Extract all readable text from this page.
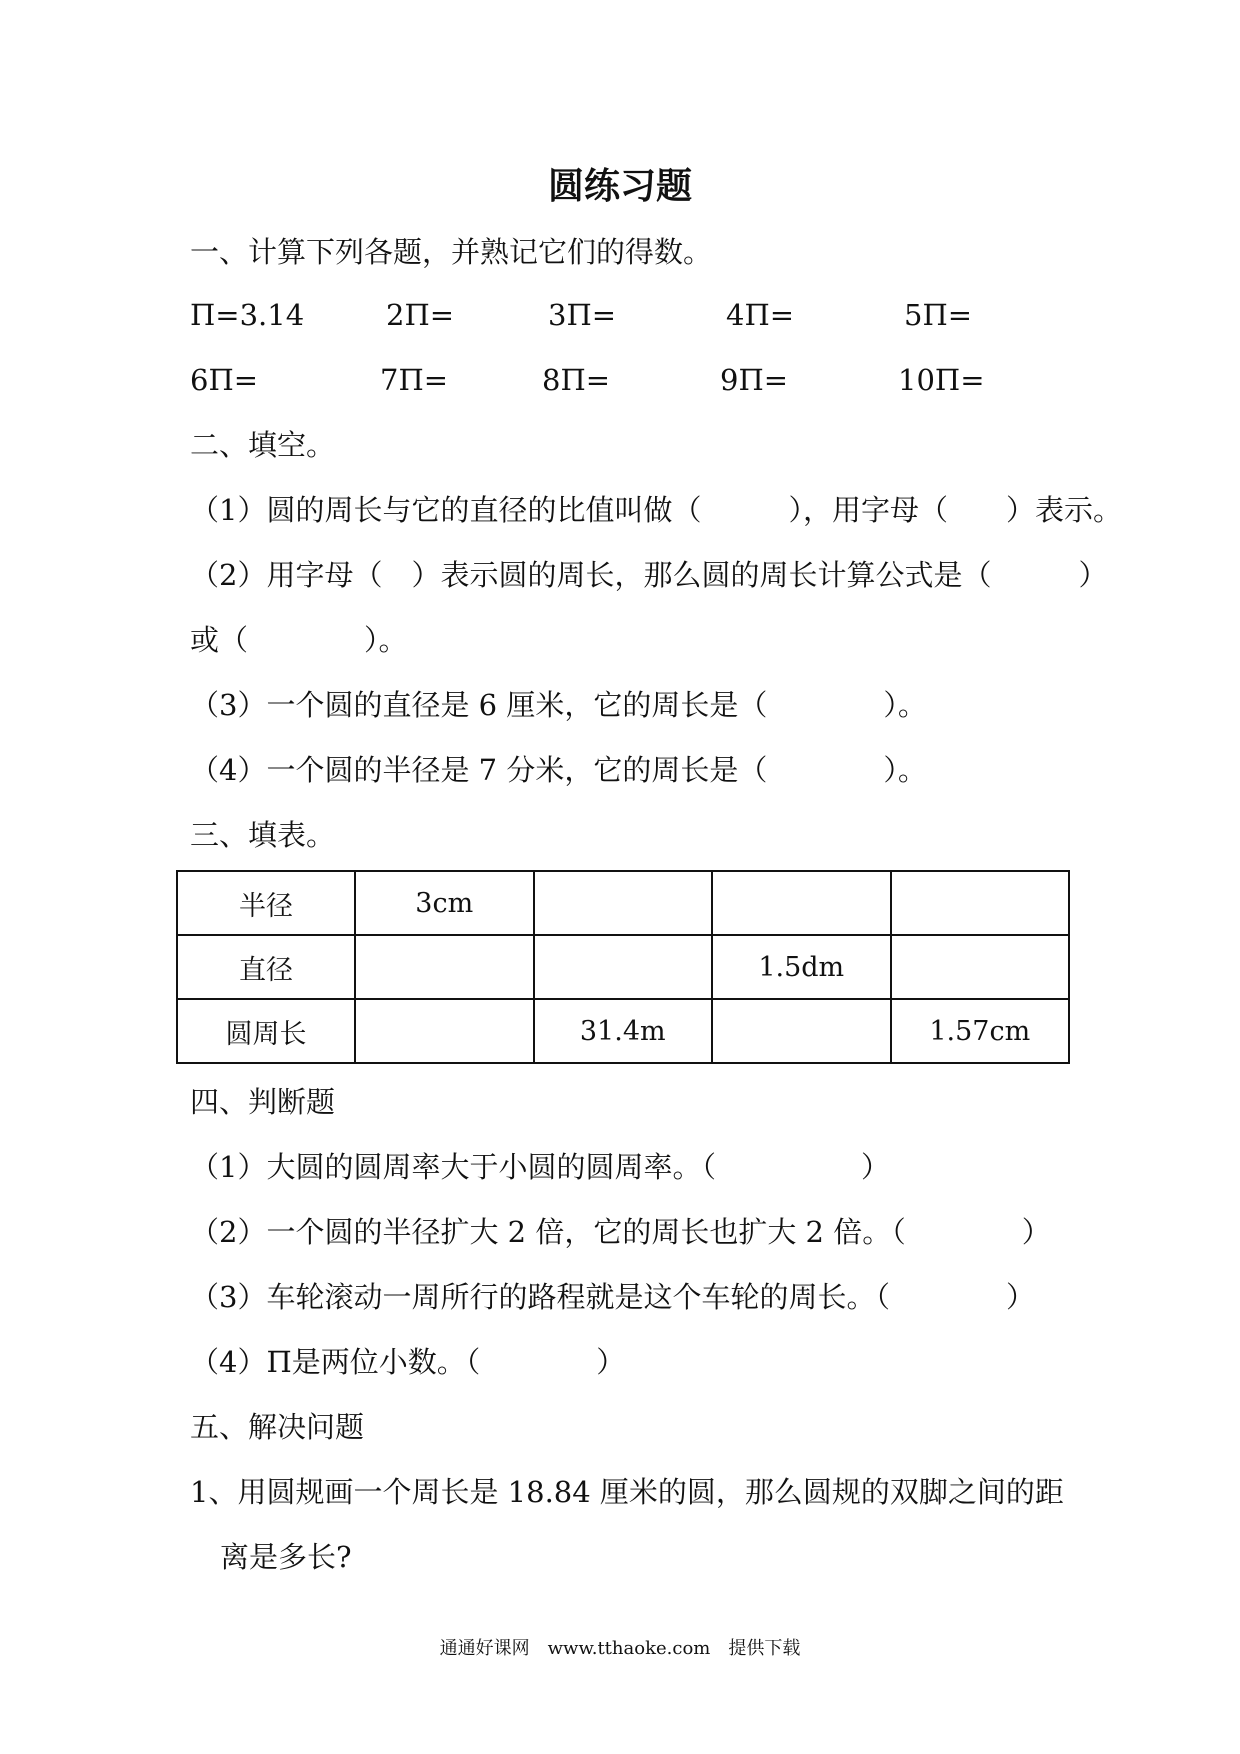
圆练习题
一、计算下列各题，并熟记它们的得数。
Π=3.14	2Π=	3Π=	4Π=	5Π=
6Π=	7Π=	8Π=	9Π=	10Π=
二、填空。
（1）圆的周长与它的直径的比值叫做（　　　），用字母（　　）表示。
（2）用字母（　）表示圆的周长，那么圆的周长计算公式是（　　　）
或（　　　　）。
（3）一个圆的直径是 6 厘米，它的周长是（　　　　）。
（4）一个圆的半径是 7 分米，它的周长是（　　　　）。
三、填表。
半径	3cm			
直径			1.5dm	
圆周长		31.4m		1.57cm
四、判断题
（1）大圆的圆周率大于小圆的圆周率。（　　　　　）
（2）一个圆的半径扩大 2 倍，它的周长也扩大 2 倍。（　　　　）
（3）车轮滚动一周所行的路程就是这个车轮的周长。（　　　　）
（4）Π是两位小数。（　　　　）
五、解决问题
1、用圆规画一个周长是 18.84 厘米的圆，那么圆规的双脚之间的距
离是多长?
通通好课网　www.tthaoke.com　提供下载
